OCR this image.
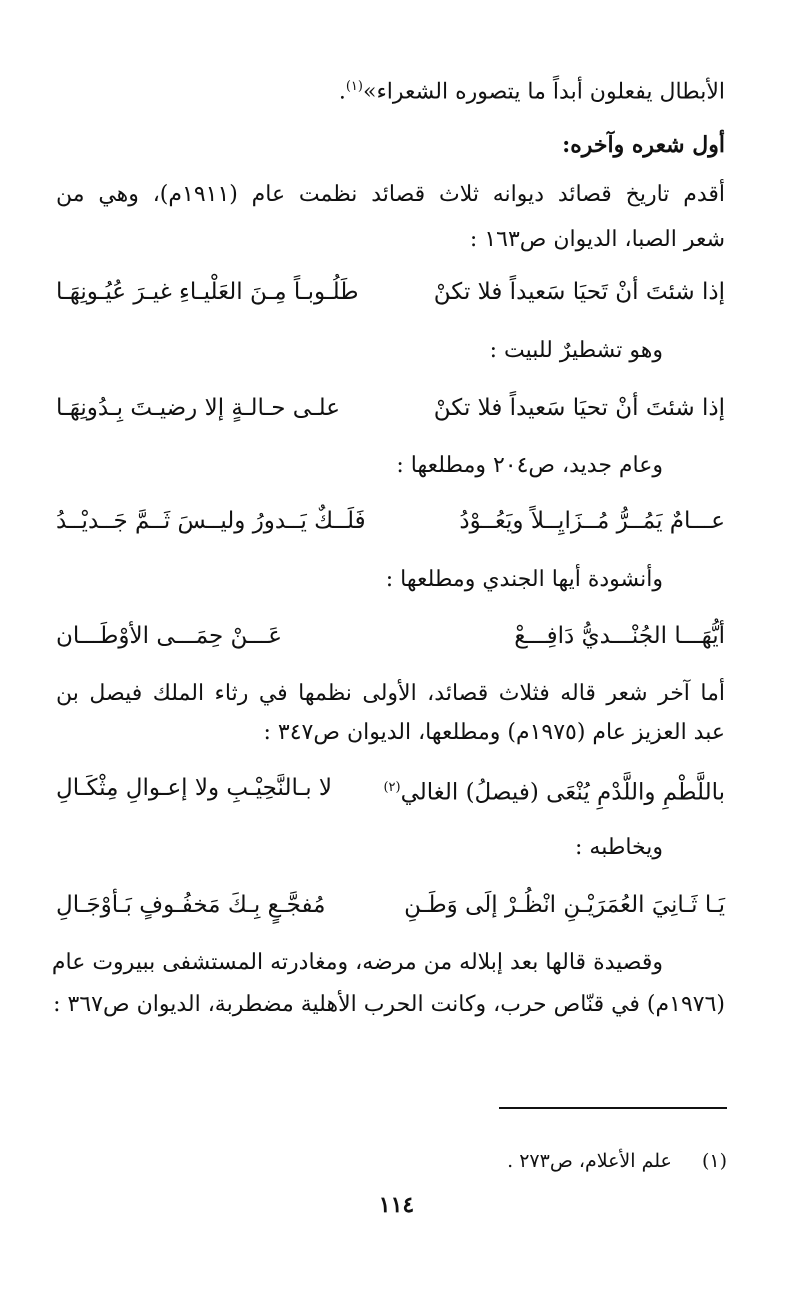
الأبطال يفعلون أبداً ما يتصوره الشعراء»$^{(١)}$.
أول شعره وآخره:
أقدم تاريخ قصائد ديوانه ثلاث قصائد نظمت عام (١٩١١م)، وهي من
شعر الصبا، الديوان ص١٦٣ :
إذا شئتَ أنْ تَحيَا سَعيداً فلا تكنْ
طَلُـوبـاً مِـنَ العَلْيـاءِ غيـرَ عُيُـونِهَـا
وهو تشطيرٌ للبيت :
إذا شئتَ أنْ تحيَا سَعيداً فلا تكنْ
علـى حـالـةٍ إلا رضيـتَ بِـدُونِهَـا
وعام جديد، ص٢٠٤ ومطلعها :
عـــامٌ يَمُــرُّ مُــزَايِــلاً ويَعُــوْدُ
فَلَــكٌ يَــدورُ وليــسَ ثَــمَّ جَــديْــدُ
وأنشودة أيها الجندي ومطلعها :
أيُّهَـــا الجُنْـــديُّ دَافِـــعْ
عَـــنْ حِمَـــى الأوْطَـــان
أما آخر شعر قاله فثلاث قصائد، الأولى نظمها في رثاء الملك فيصل بن
عبد العزيز عام (١٩٧٥م) ومطلعها، الديوان ص٣٤٧ :
باللَّطْمِ واللَّدْمِ يُنْعَى (فيصلُ) الغالي$^{(٢)}$
لا بـالنَّحِيْـبِ ولا إعـوالِ مِثْكَـالِ
ويخاطبه :
يَـا ثَـانِيَ العُمَرَيْـنِ انْظُـرْ إلَى وَطَـنِ
مُفجَّـعٍ بِـكَ مَخفُـوفٍ بَـأوْجَـالِ
وقصيدة قالها بعد إبلاله من مرضه، ومغادرته المستشفى ببيروت عام
(١٩٧٦م) في قنّاص حرب، وكانت الحرب الأهلية مضطربة، الديوان ص٣٦٧ :
(١)  علم الأعلام، ص٢٧٣ .
١١٤
